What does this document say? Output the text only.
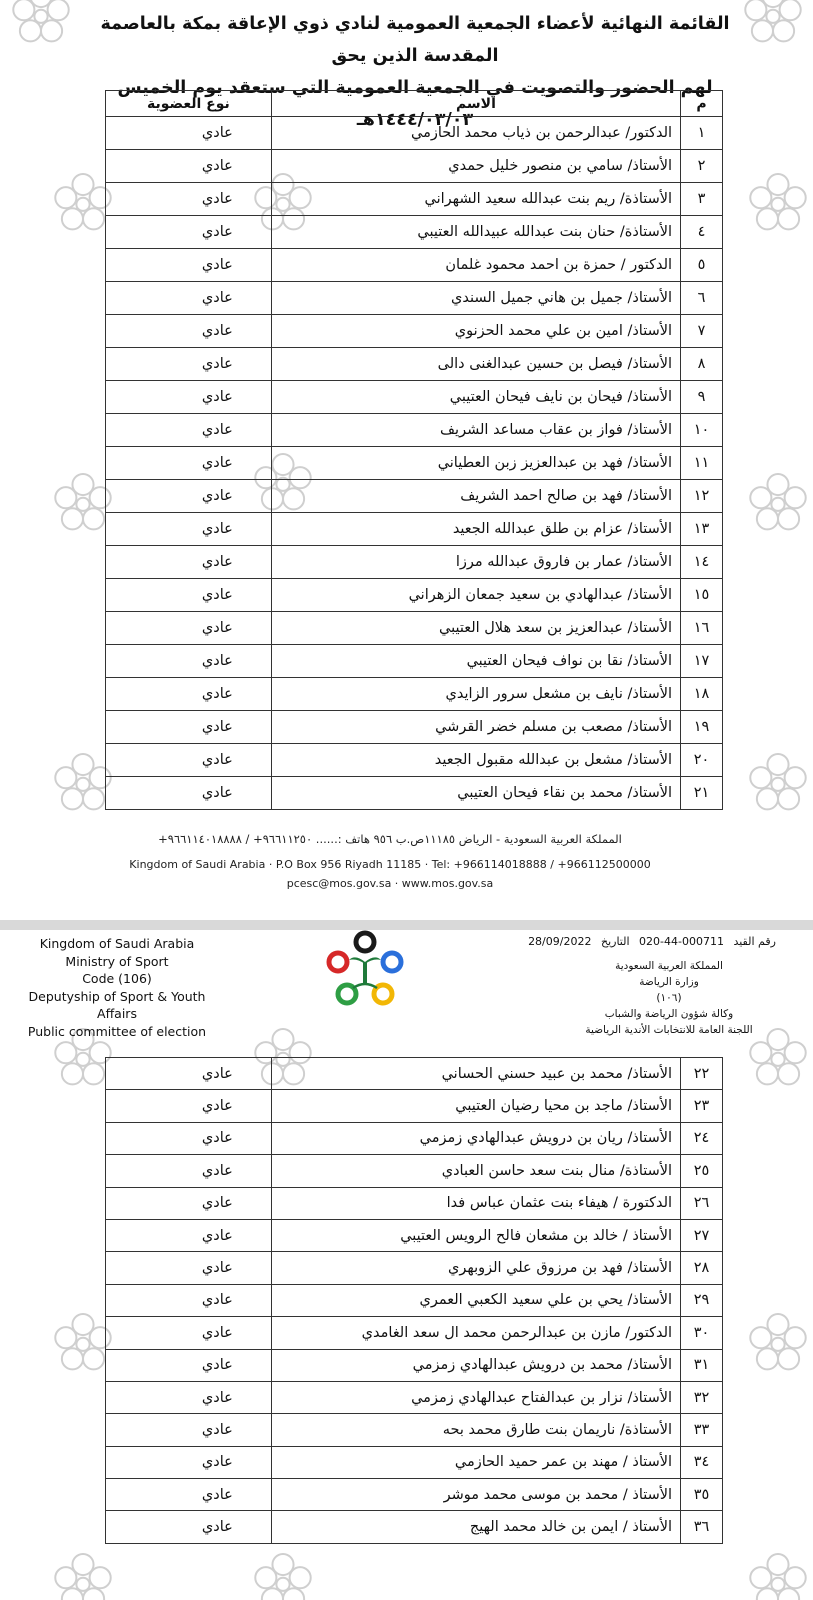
القائمة النهائية لأعضاء الجمعية العمومية لنادي ذوي الإعاقة بمكة بالعاصمة المقدسة الذين يحق
لهم الحضور والتصويت في الجمعية العمومية التي ستعقد يوم الخميس ١٤٤٤/٠٣/٠٣هـ
م	الاسم	نوع العضوية
١	الدكتور/ عبدالرحمن بن ذياب محمد الحازمي	عادي
٢	الأستاذ/ سامي بن منصور خليل حمدي	عادي
٣	الأستاذة/ ريم بنت عبدالله سعيد الشهراني	عادي
٤	الأستاذة/ حنان بنت عبدالله عبيدالله العتيبي	عادي
٥	الدكتور / حمزة بن احمد محمود غلمان	عادي
٦	الأستاذ/ جميل بن هاني جميل السندي	عادي
٧	الأستاذ/ امين بن علي محمد الحزنوي	عادي
٨	الأستاذ/ فيصل بن حسين عبدالغنى دالى	عادي
٩	الأستاذ/ فيحان بن نايف فيحان العتيبي	عادي
١٠	الأستاذ/ فواز بن عقاب مساعد الشريف	عادي
١١	الأستاذ/ فهد بن عبدالعزيز زبن العطياني	عادي
١٢	الأستاذ/ فهد بن صالح احمد الشريف	عادي
١٣	الأستاذ/ عزام بن طلق عبدالله الجعيد	عادي
١٤	الأستاذ/ عمار بن فاروق عبدالله مرزا	عادي
١٥	الأستاذ/ عبدالهادي بن سعيد جمعان الزهراني	عادي
١٦	الأستاذ/ عبدالعزيز بن سعد هلال العتيبي	عادي
١٧	الأستاذ/ نقا بن نواف فيحان العتيبي	عادي
١٨	الأستاذ/ نايف بن مشعل سرور الزايدي	عادي
١٩	الأستاذ/ مصعب بن مسلم خضر القرشي	عادي
٢٠	الأستاذ/ مشعل بن عبدالله مقبول الجعيد	عادي
٢١	الأستاذ/ محمد بن نقاء فيحان العتيبي	عادي
المملكة العربية السعودية - الرياض ١١١٨٥ص.ب ٩٥٦ هاتف :...... ٩٦٦١١٢٥٠+ / ٩٦٦١١٤٠١٨٨٨٨+
Kingdom of Saudi Arabia · P.O Box 956 Riyadh 11185 · Tel: +966114018888 / +966112500000
pcesc@mos.gov.sa · www.mos.gov.sa
Kingdom of Saudi Arabia
Ministry of Sport
Code (106)
Deputyship of Sport & Youth Affairs
Public committee of election
رقم القيد 020-44-000711 التاريخ 28/09/2022
المملكة العربية السعودية
وزارة الرياضة
(١٠٦)
وكالة شؤون الرياضة والشباب
اللجنة العامة للانتخابات الأندية الرياضية
٢٢	الأستاذ/ محمد بن عبيد حسني الحساني	عادي
٢٣	الأستاذ/ ماجد بن محيا رضيان العتيبي	عادي
٢٤	الأستاذ/ ريان بن درويش عبدالهادي زمزمي	عادي
٢٥	الأستاذة/ منال بنت سعد حاسن العبادي	عادي
٢٦	الدكتورة / هيفاء بنت عثمان عباس فدا	عادي
٢٧	الأستاذ / خالد بن مشعان فالح الرويس العتيبي	عادي
٢٨	الأستاذ/ فهد بن مرزوق علي الزوبهري	عادي
٢٩	الأستاذ/ يحي بن علي سعيد الكعبي العمري	عادي
٣٠	الدكتور/ مازن بن عبدالرحمن محمد ال سعد الغامدي	عادي
٣١	الأستاذ/ محمد بن درويش عبدالهادي زمزمي	عادي
٣٢	الأستاذ/ نزار بن عبدالفتاح عبدالهادي زمزمي	عادي
٣٣	الأستاذة/ ناريمان بنت طارق محمد بحه	عادي
٣٤	الأستاذ / مهند بن عمر حميد الحازمي	عادي
٣٥	الأستاذ / محمد بن موسى محمد موشر	عادي
٣٦	الأستاذ / ايمن بن خالد محمد الهيج	عادي
